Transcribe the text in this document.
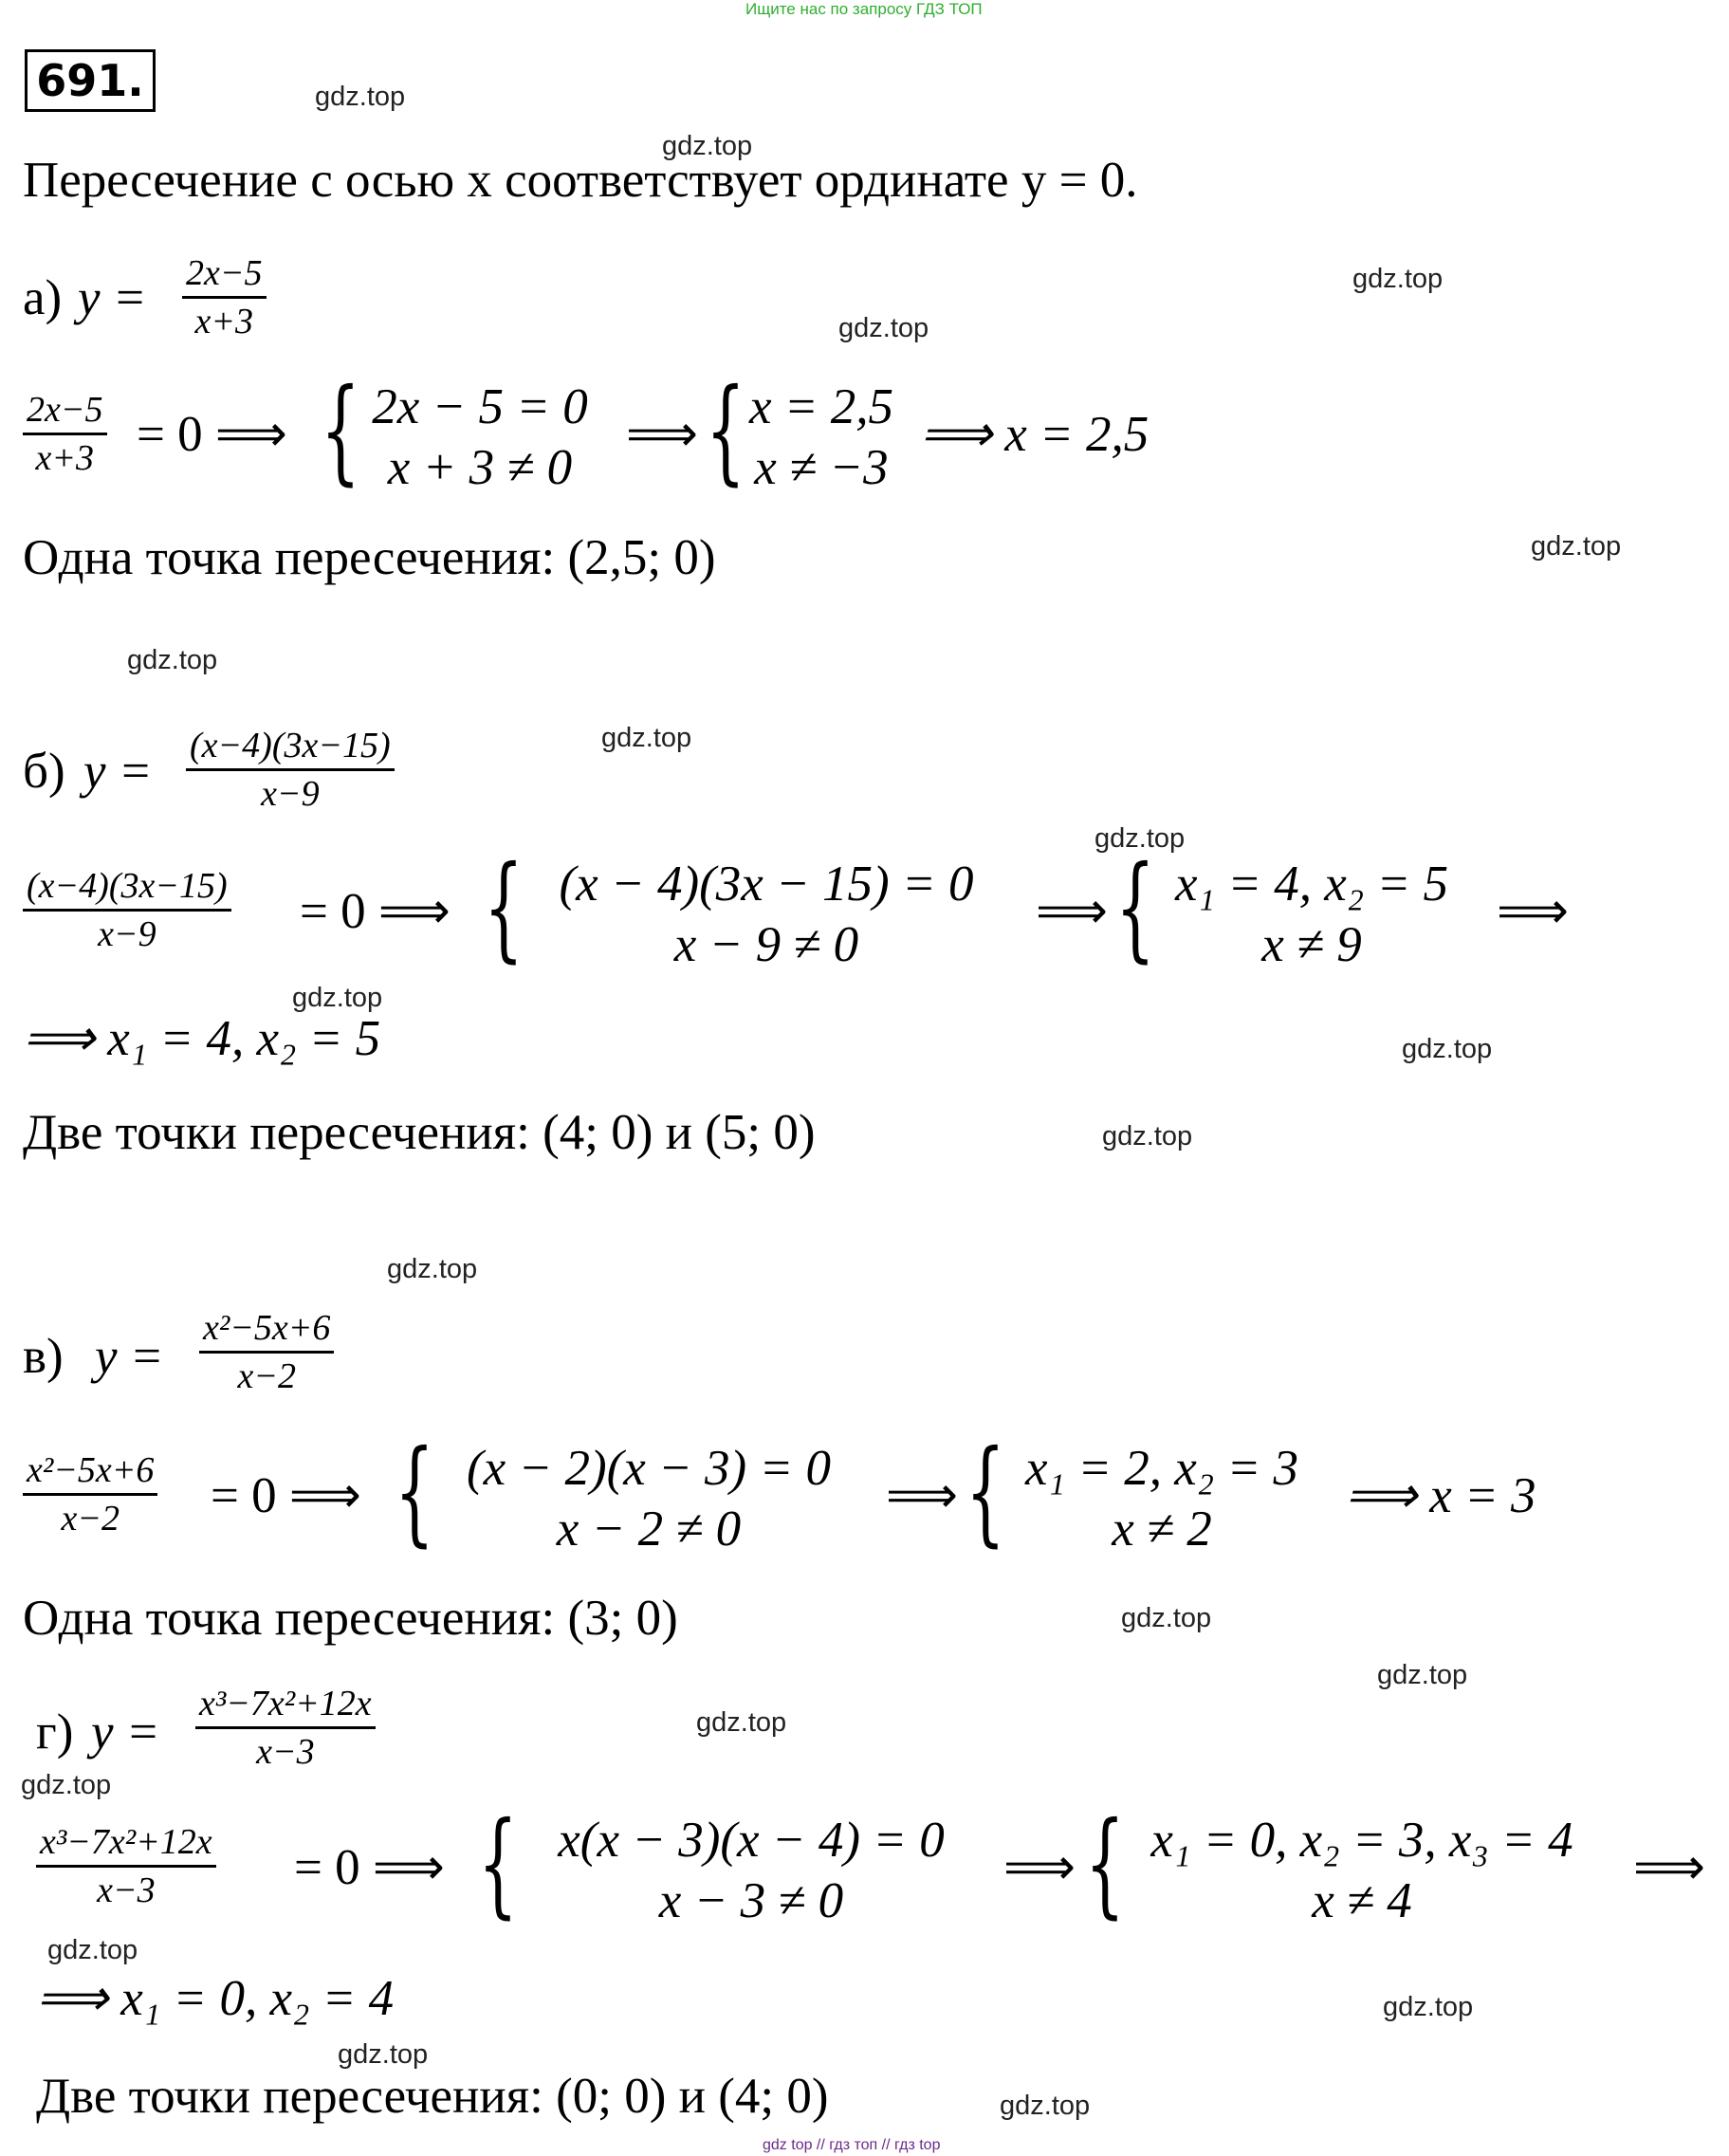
Ищите нас по запросу ГДЗ ТОП
691.
Пересечение с осью x соответствует ординате y = 0.
а) $y = \frac{2x-5}{x+3}$
$\frac{2x-5}{x+3} = 0$ ⟹ { 2x − 5 = 0
x + 3 ≠ 0
⟹ { x = 2,5
x ≠ −3
⟹ x = 2,5
Одна точка пересечения: (2,5; 0)
б) $y = \frac{(x-4)(3x-15)}{x-9}$
$\frac{(x-4)(3x-15)}{x-9} = 0$ ⟹ { (x − 4)(3x − 15) = 0
x − 9 ≠ 0
⟹ { x₁ = 4, x₂ = 5
x ≠ 9
⟹
⟹ x₁ = 4, x₂ = 5
Две точки пересечения: (4; 0) и (5; 0)
в) $y = \frac{\text{x²−5x+6}}{x-2}$
$\frac{\text{x²−5x+6}}{x-2} = 0$ ⟹ { (x − 2)(x − 3) = 0
x − 2 ≠ 0
⟹ { x₁ = 2, x₂ = 3
x ≠ 2
⟹ x = 3
Одна точка пересечения: (3; 0)
г) $y = \frac{\text{x³−7x²+12x}}{x-3}$
$\frac{\text{x³−7x²+12x}}{x-3} = 0$ ⟹ { x(x − 3)(x − 4) = 0
x − 3 ≠ 0
⟹ { x₁ = 0, x₂ = 3, x₃ = 4
x ≠ 4
⟹
⟹ x₁ = 0, x₂ = 4
Две точки пересечения: (0; 0) и (4; 0)
gdz.top
gdz.top
gdz.top
gdz.top
gdz.top
gdz.top
gdz.top
gdz.top
gdz.top
gdz.top
gdz.top
gdz.top
gdz.top
gdz.top
gdz.top
gdz.top
gdz.top
gdz.top
gdz.top
gdz.top
gdz top // гдз топ // гдз top
